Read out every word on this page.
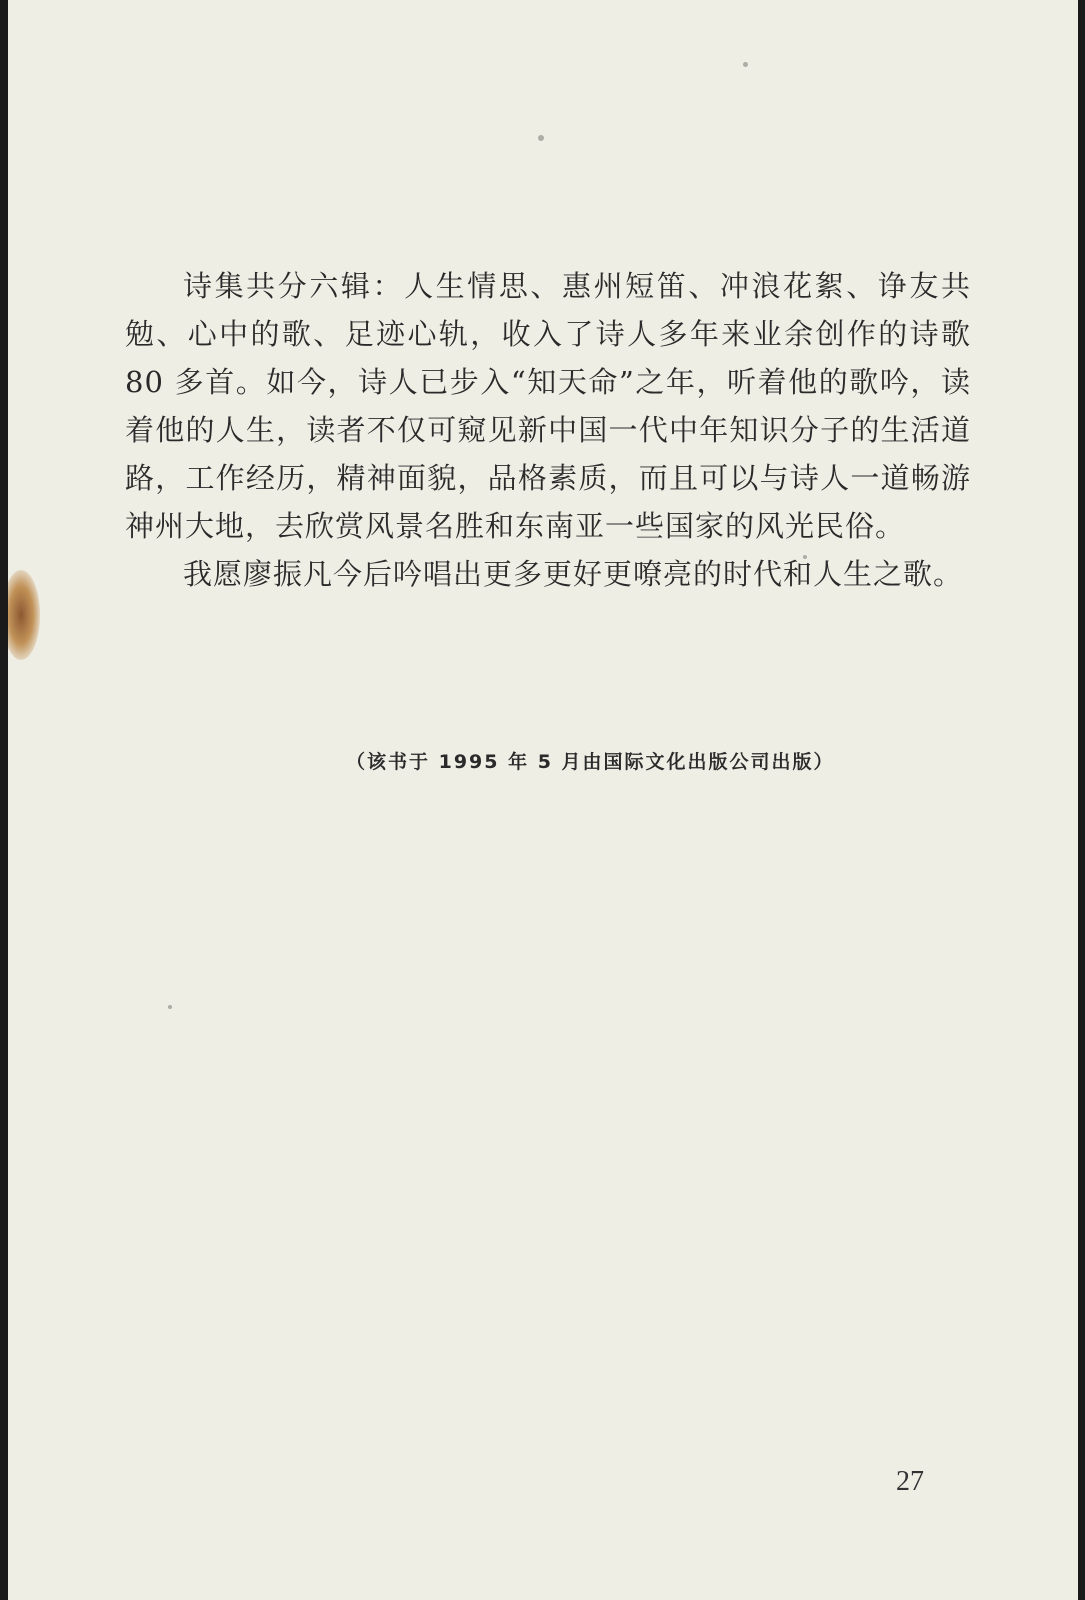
诗集共分六辑：人生情思、惠州短笛、冲浪花絮、诤友共勉、心中的歌、足迹心轨，收入了诗人多年来业余创作的诗歌 80 多首。如今，诗人已步入“知天命”之年，听着他的歌吟，读着他的人生，读者不仅可窥见新中国一代中年知识分子的生活道路，工作经历，精神面貌，品格素质，而且可以与诗人一道畅游神州大地，去欣赏风景名胜和东南亚一些国家的风光民俗。

我愿廖振凡今后吟唱出更多更好更嘹亮的时代和人生之歌。

（该书于 1995 年 5 月由国际文化出版公司出版）
27
